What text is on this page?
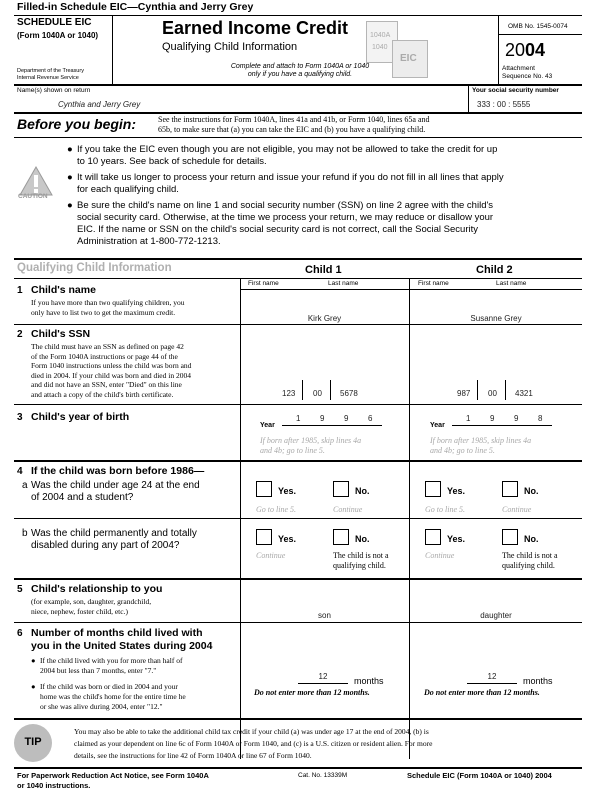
Filled-in Schedule EIC—Cynthia and Jerry Grey
SCHEDULE EIC
(Form 1040A or 1040)
Department of the Treasury
Internal Revenue Service
Earned Income Credit
Qualifying Child Information
Complete and attach to Form 1040A or 1040
only if you have a qualifying child.
1040A
1040
EIC
OMB No. 1545-0074
2004
Attachment
Sequence No. 43
Name(s) shown on return
Cynthia and Jerry Grey
Your social security number
333 : 00 : 5555
Before you begin:	See the instructions for Form 1040A, lines 41a and 41b, or Form 1040, lines 65a and
65b, to make sure that (a) you can take the EIC and (b) you have a qualifying child.
CAUTION
● If you take the EIC even though you are not eligible, you may not be allowed to take the credit for up
to 10 years. See back of schedule for details.
● It will take us longer to process your return and issue your refund if you do not fill in all lines that apply
for each qualifying child.
● Be sure the child's name on line 1 and social security number (SSN) on line 2 agree with the child's
social security card. Otherwise, at the time we process your return, we may reduce or disallow your
EIC. If the name or SSN on the child's social security card is not correct, call the Social Security
Administration at 1-800-772-1213.
Qualifying Child Information	Child 1	Child 2
First name	Last name	First name	Last name
1 Child's name
If you have more than two qualifying children, you
only have to list two to get the maximum credit.
Kirk Grey	Susanne Grey
2 Child's SSN
The child must have an SSN as defined on page 42
of the Form 1040A instructions or page 44 of the
Form 1040 instructions unless the child was born and
died in 2004. If your child was born and died in 2004
and did not have an SSN, enter "Died" on this line
and attach a copy of the child's birth certificate.	123 00 5678	987 00 4321
3 Child's year of birth
Year
1 9 9 6
If born after 1985, skip lines 4a
and 4b; go to line 5.
Year
1 9 9 8
If born after 1985, skip lines 4a
and 4b; go to line 5.
4 If the child was born before 1986—
a Was the child under age 24 at the end
of 2004 and a student?
Yes.	No.
Go to line 5.	Continue
Yes.	No.
Go to line 5.	Continue
b Was the child permanently and totally
disabled during any part of 2004?
Yes.	No.
Continue	The child is not a
qualifying child.
Yes.	No.
Continue	The child is not a
qualifying child.
5 Child's relationship to you
(for example, son, daughter, grandchild,
niece, nephew, foster child, etc.)	son	daughter
6 Number of months child lived with
you in the United States during 2004
● If the child lived with you for more than half of
2004 but less than 7 months, enter "7."
● If the child was born or died in 2004 and your
home was the child's home for the entire time he
or she was alive during 2004, enter "12."
12	months
Do not enter more than 12 months.
12	months
Do not enter more than 12 months.
TIP
You may also be able to take the additional child tax credit if your child (a) was under age 17 at the end of 2004, (b) is
claimed as your dependent on line 6c of Form 1040A or Form 1040, and (c) is a U.S. citizen or resident alien. For more
details, see the instructions for line 42 of Form 1040A or line 67 of Form 1040.
For Paperwork Reduction Act Notice, see Form 1040A
or 1040 instructions.
Cat. No. 13339M	Schedule EIC (Form 1040A or 1040) 2004
